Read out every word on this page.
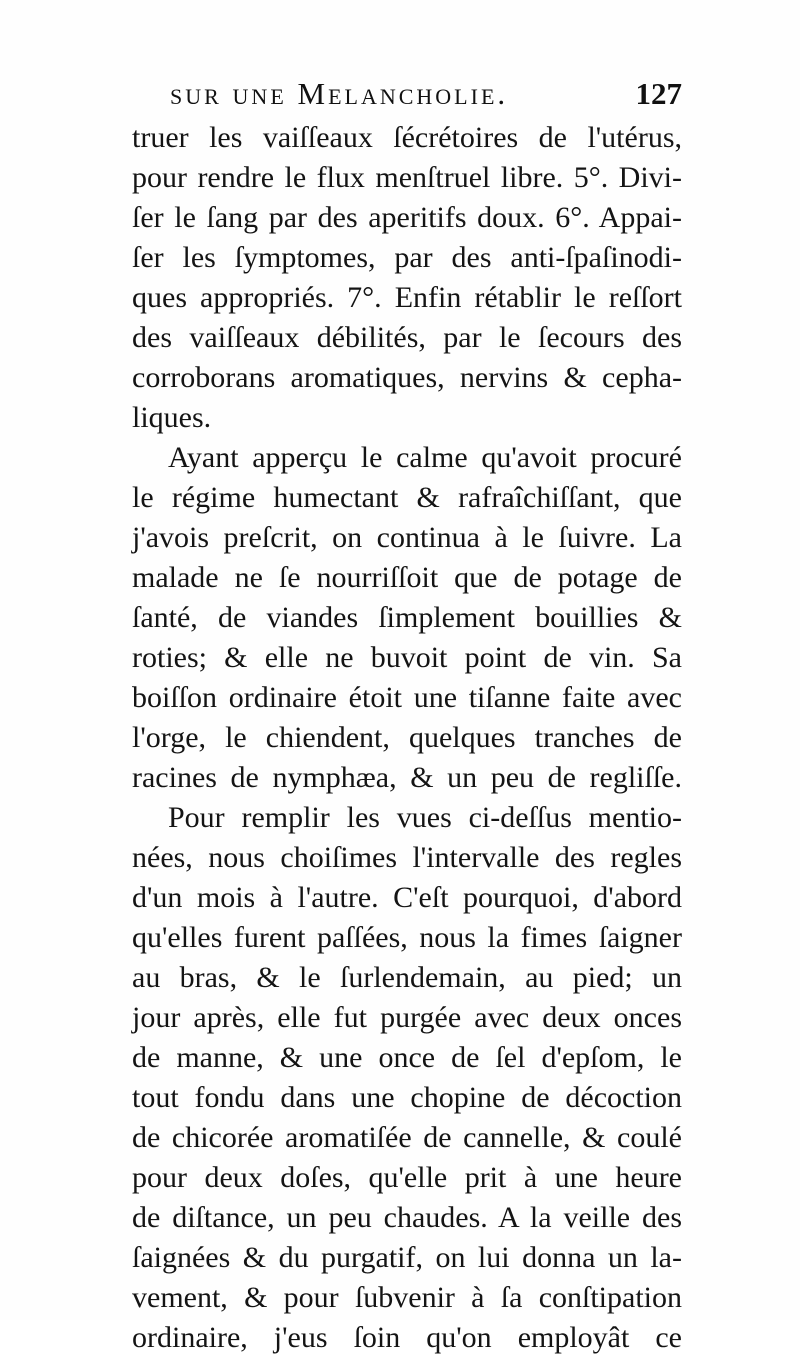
sur une Melancholie.	127
truer les vaiſſeaux ſécrétoires de l'utérus,
pour rendre le flux menſtruel libre. 5°. Divi-
ſer le ſang par des aperitifs doux. 6°. Appai-
ſer les ſymptomes, par des anti-ſpaſinodi-
ques appropriés. 7°. Enfin rétablir le reſſort
des vaiſſeaux débilités, par le ſecours des
corroborans aromatiques, nervins & cepha-
liques.
Ayant apperçu le calme qu'avoit procuré
le régime humectant & rafraîchiſſant, que
j'avois preſcrit, on continua à le ſuivre. La
malade ne ſe nourriſſoit que de potage de
ſanté, de viandes ſimplement bouillies &
roties; & elle ne buvoit point de vin. Sa
boiſſon ordinaire étoit une tiſanne faite avec
l'orge, le chiendent, quelques tranches de
racines de nymphæa, & un peu de regliſſe.
Pour remplir les vues ci-deſſus mentio-
nées, nous choiſimes l'intervalle des regles
d'un mois à l'autre. C'eſt pourquoi, d'abord
qu'elles furent paſſées, nous la fimes ſaigner
au bras, & le ſurlendemain, au pied; un
jour après, elle fut purgée avec deux onces
de manne, & une once de ſel d'epſom, le
tout fondu dans une chopine de décoction
de chicorée aromatiſée de cannelle, & coulé
pour deux doſes, qu'elle prit à une heure
de diſtance, un peu chaudes. A la veille des
ſaignées & du purgatif, on lui donna un la-
vement, & pour ſubvenir à ſa conſtipation
ordinaire, j'eus ſoin qu'on employât ce
